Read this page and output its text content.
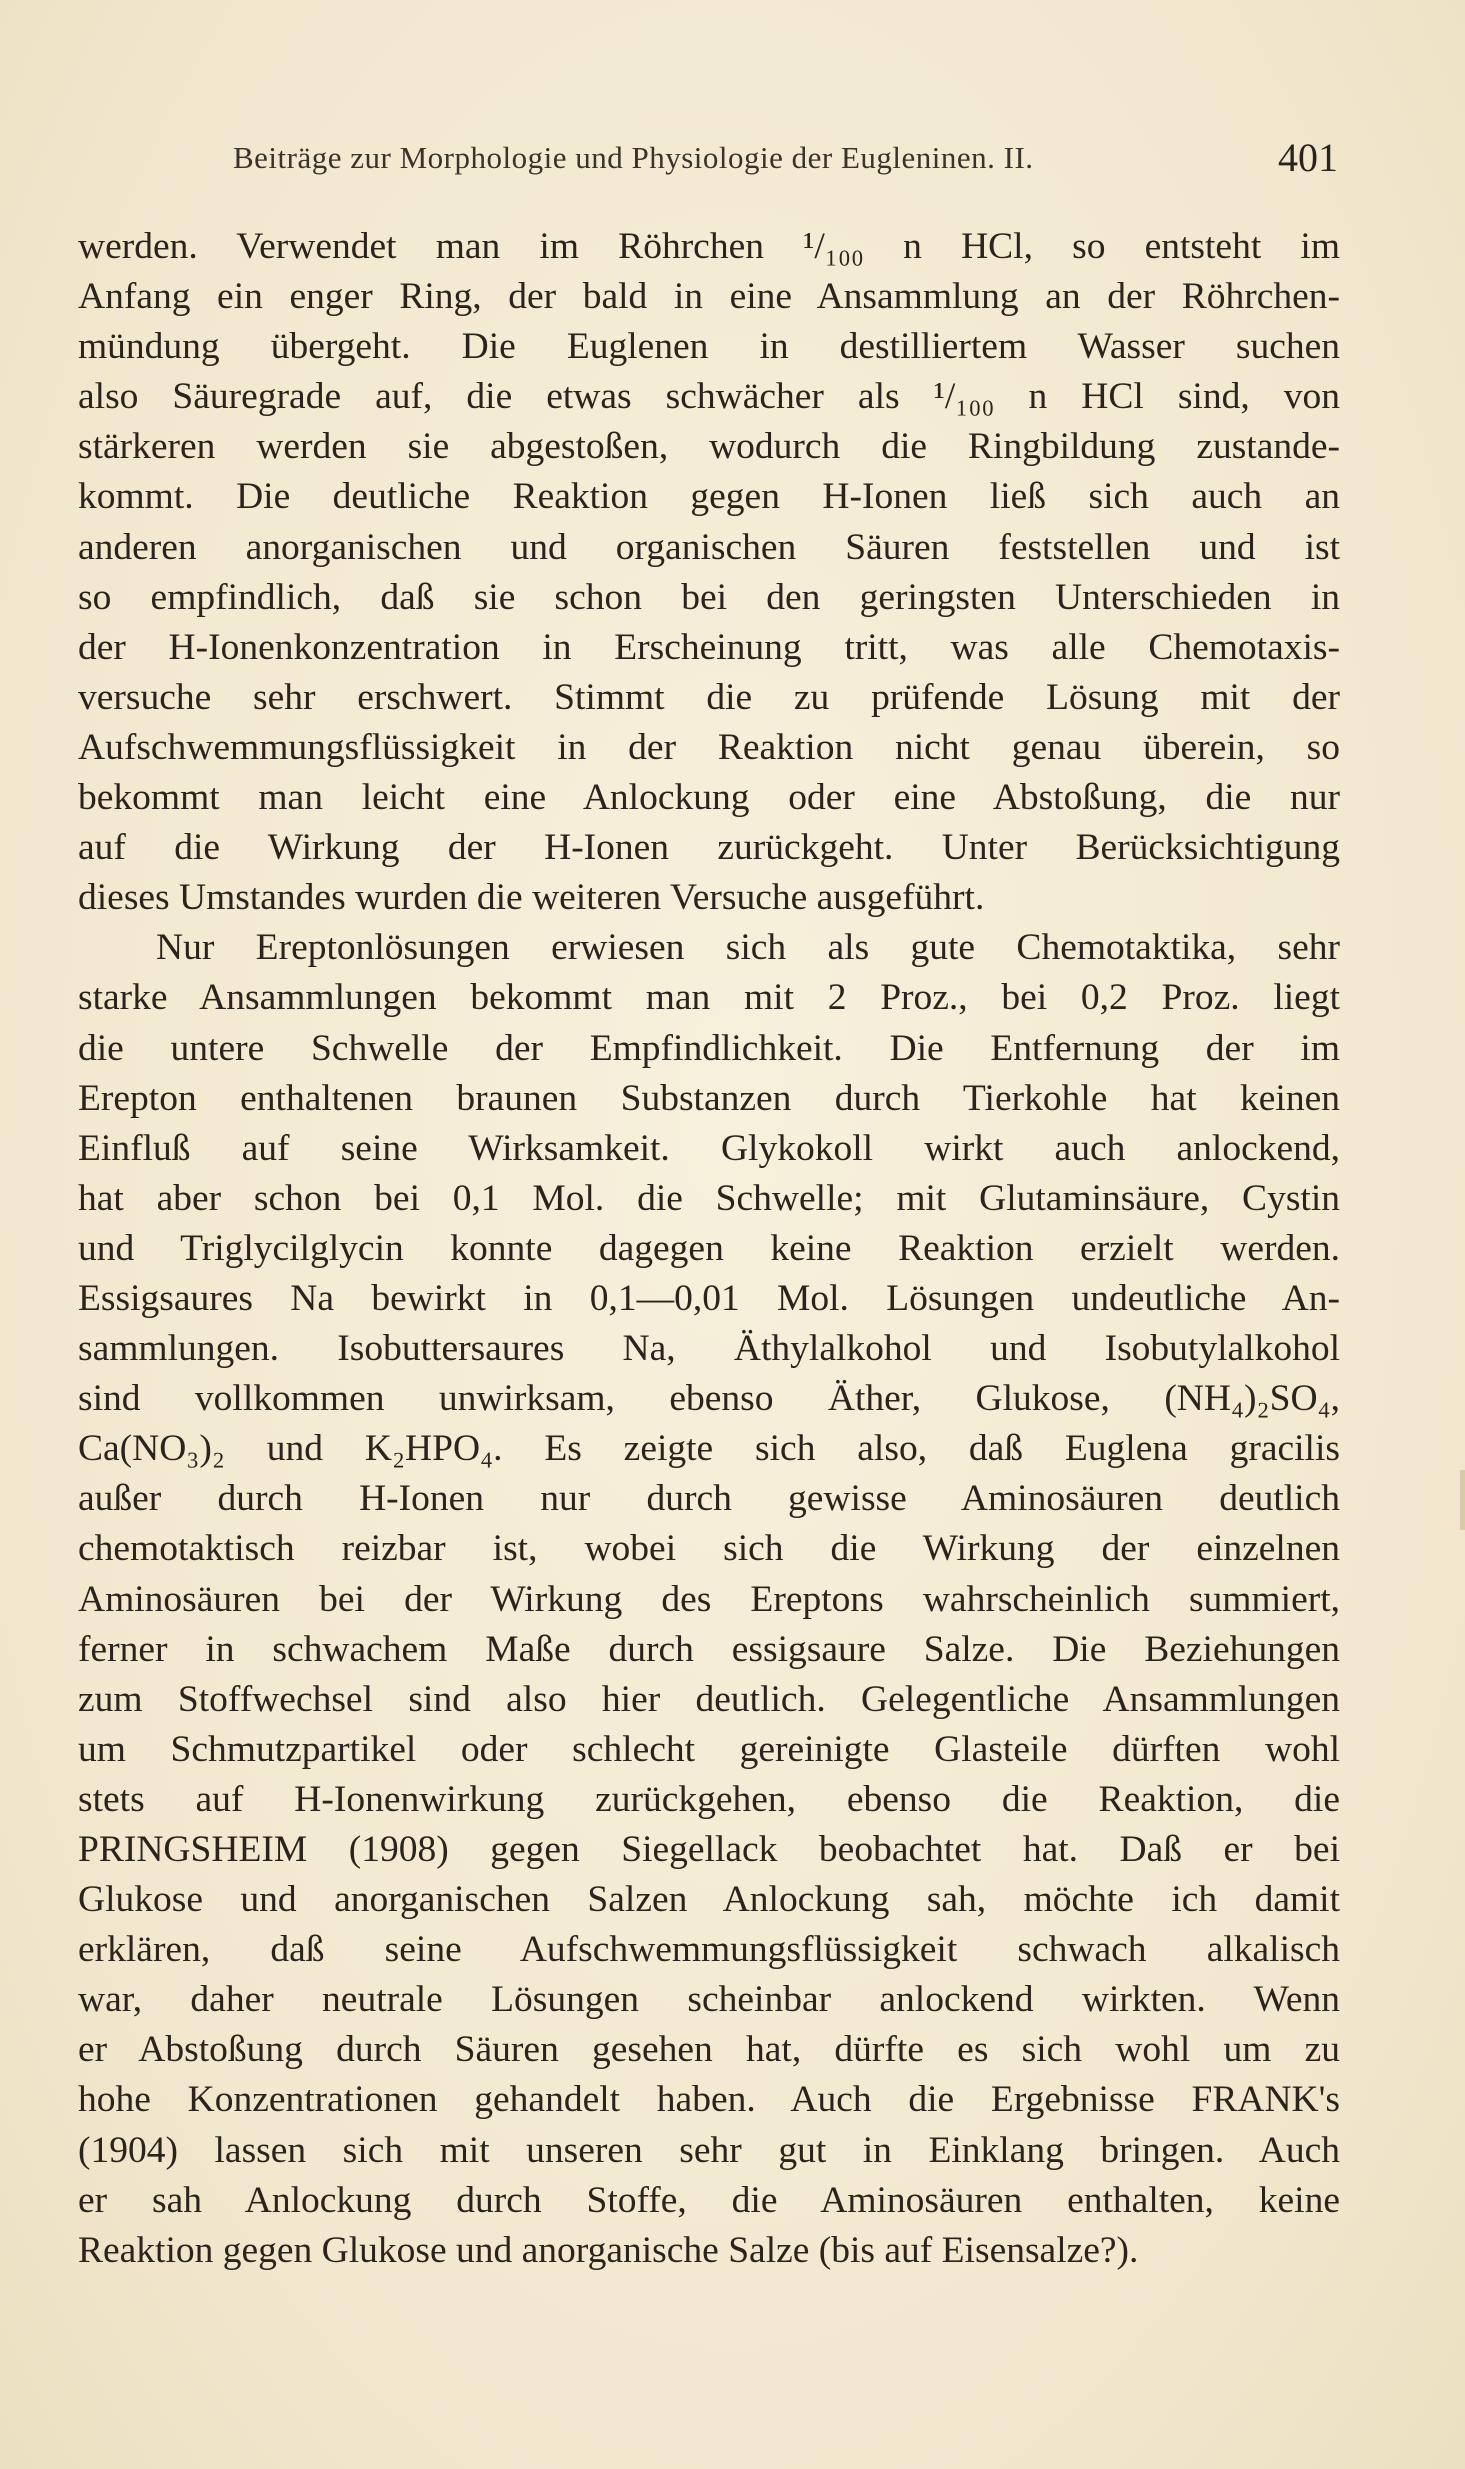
Beiträge zur Morphologie und Physiologie der Eugleninen. II.	401
werden. Verwendet man im Röhrchen ¹/₁₀₀ n HCl, so entsteht im
Anfang ein enger Ring, der bald in eine Ansammlung an der Röhrchen-
mündung übergeht. Die Euglenen in destilliertem Wasser suchen
also Säuregrade auf, die etwas schwächer als ¹/₁₀₀ n HCl sind, von
stärkeren werden sie abgestoßen, wodurch die Ringbildung zustande-
kommt. Die deutliche Reaktion gegen H-Ionen ließ sich auch an
anderen anorganischen und organischen Säuren feststellen und ist
so empfindlich, daß sie schon bei den geringsten Unterschieden in
der H-Ionenkonzentration in Erscheinung tritt, was alle Chemotaxis-
versuche sehr erschwert. Stimmt die zu prüfende Lösung mit der
Aufschwemmungsflüssigkeit in der Reaktion nicht genau überein, so
bekommt man leicht eine Anlockung oder eine Abstoßung, die nur
auf die Wirkung der H-Ionen zurückgeht. Unter Berücksichtigung
dieses Umstandes wurden die weiteren Versuche ausgeführt.
Nur Ereptonlösungen erwiesen sich als gute Chemotaktika, sehr
starke Ansammlungen bekommt man mit 2 Proz., bei 0,2 Proz. liegt
die untere Schwelle der Empfindlichkeit. Die Entfernung der im
Erepton enthaltenen braunen Substanzen durch Tierkohle hat keinen
Einfluß auf seine Wirksamkeit. Glykokoll wirkt auch anlockend,
hat aber schon bei 0,1 Mol. die Schwelle; mit Glutaminsäure, Cystin
und Triglycilglycin konnte dagegen keine Reaktion erzielt werden.
Essigsaures Na bewirkt in 0,1—0,01 Mol. Lösungen undeutliche An-
sammlungen. Isobuttersaures Na, Äthylalkohol und Isobutylalkohol
sind vollkommen unwirksam, ebenso Äther, Glukose, (NH₄)₂SO₄,
Ca(NO₃)₂ und K₂HPO₄. Es zeigte sich also, daß Euglena gracilis
außer durch H-Ionen nur durch gewisse Aminosäuren deutlich
chemotaktisch reizbar ist, wobei sich die Wirkung der einzelnen
Aminosäuren bei der Wirkung des Ereptons wahrscheinlich summiert,
ferner in schwachem Maße durch essigsaure Salze. Die Beziehungen
zum Stoffwechsel sind also hier deutlich. Gelegentliche Ansammlungen
um Schmutzpartikel oder schlecht gereinigte Glasteile dürften wohl
stets auf H-Ionenwirkung zurückgehen, ebenso die Reaktion, die
PRINGSHEIM (1908) gegen Siegellack beobachtet hat. Daß er bei
Glukose und anorganischen Salzen Anlockung sah, möchte ich damit
erklären, daß seine Aufschwemmungsflüssigkeit schwach alkalisch
war, daher neutrale Lösungen scheinbar anlockend wirkten. Wenn
er Abstoßung durch Säuren gesehen hat, dürfte es sich wohl um zu
hohe Konzentrationen gehandelt haben. Auch die Ergebnisse FRANK's
(1904) lassen sich mit unseren sehr gut in Einklang bringen. Auch
er sah Anlockung durch Stoffe, die Aminosäuren enthalten, keine
Reaktion gegen Glukose und anorganische Salze (bis auf Eisensalze?).
